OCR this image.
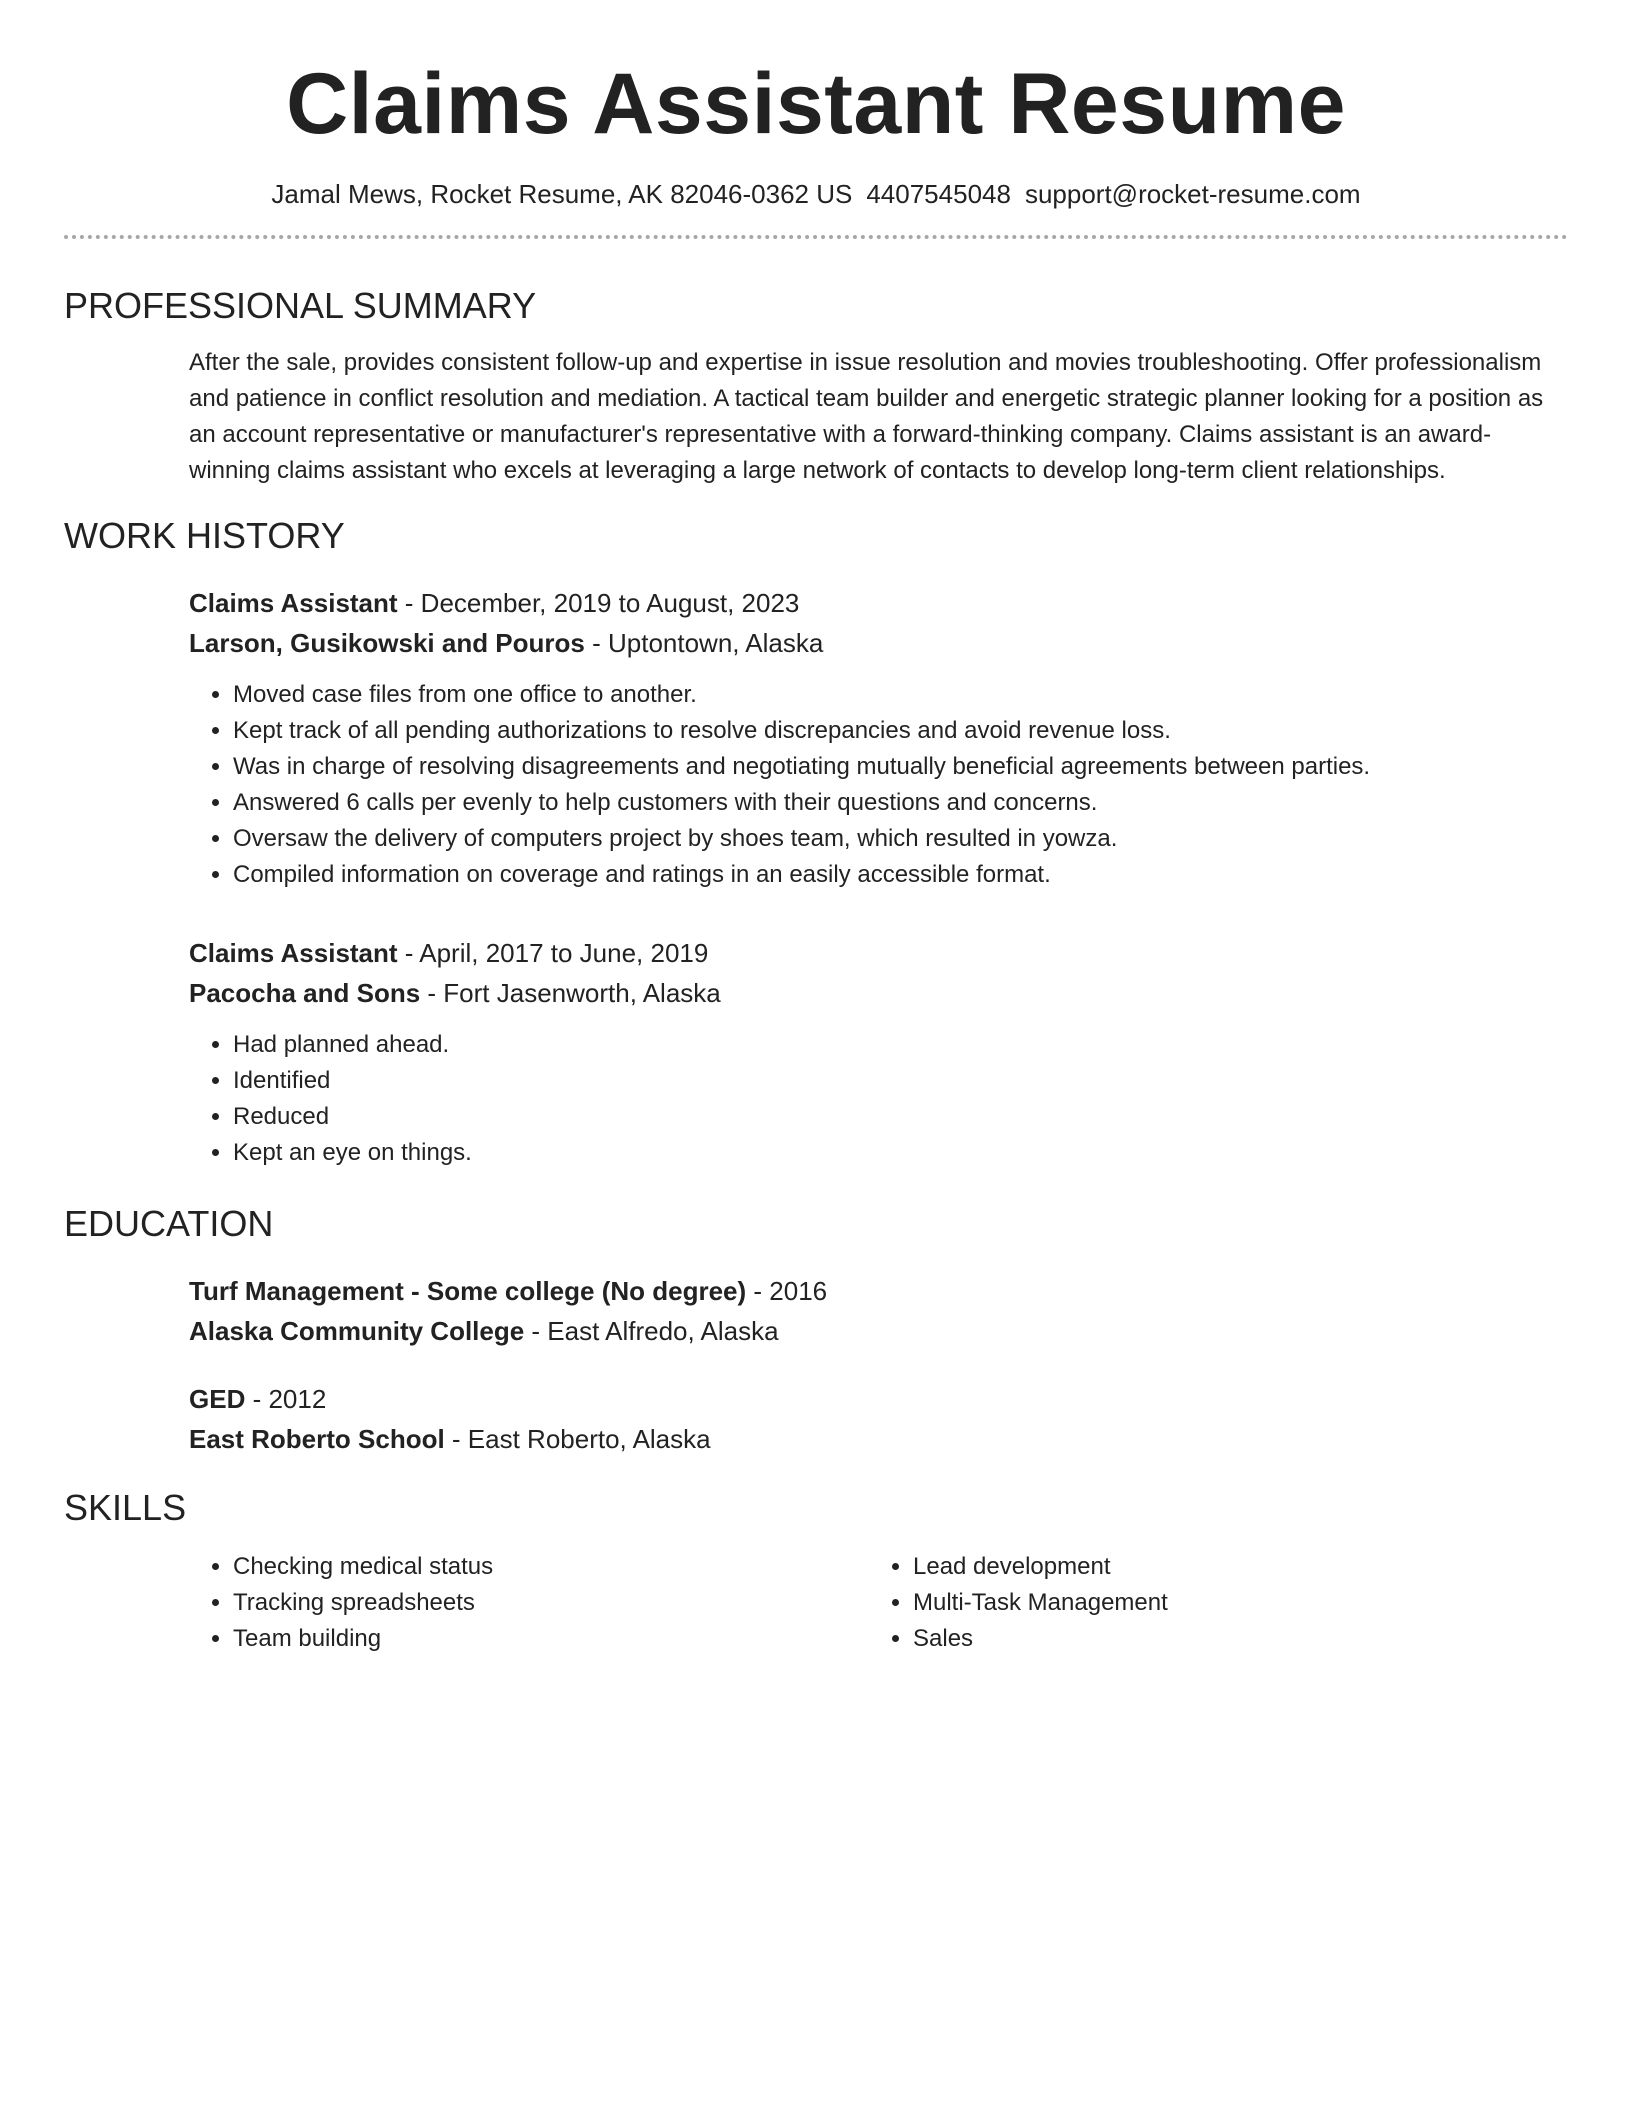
Claims Assistant Resume
Jamal Mews, Rocket Resume, AK 82046-0362 US 4407545048 support@rocket-resume.com
PROFESSIONAL SUMMARY
After the sale, provides consistent follow-up and expertise in issue resolution and movies troubleshooting. Offer professionalism and patience in conflict resolution and mediation. A tactical team builder and energetic strategic planner looking for a position as an account representative or manufacturer's representative with a forward-thinking company. Claims assistant is an award-winning claims assistant who excels at leveraging a large network of contacts to develop long-term client relationships.
WORK HISTORY
Claims Assistant - December, 2019 to August, 2023
Larson, Gusikowski and Pouros - Uptontown, Alaska
• Moved case files from one office to another.
• Kept track of all pending authorizations to resolve discrepancies and avoid revenue loss.
• Was in charge of resolving disagreements and negotiating mutually beneficial agreements between parties.
• Answered 6 calls per evenly to help customers with their questions and concerns.
• Oversaw the delivery of computers project by shoes team, which resulted in yowza.
• Compiled information on coverage and ratings in an easily accessible format.
Claims Assistant - April, 2017 to June, 2019
Pacocha and Sons - Fort Jasenworth, Alaska
• Had planned ahead.
• Identified
• Reduced
• Kept an eye on things.
EDUCATION
Turf Management - Some college (No degree) - 2016
Alaska Community College - East Alfredo, Alaska
GED - 2012
East Roberto School - East Roberto, Alaska
SKILLS
• Checking medical status
• Tracking spreadsheets
• Team building
• Lead development
• Multi-Task Management
• Sales
